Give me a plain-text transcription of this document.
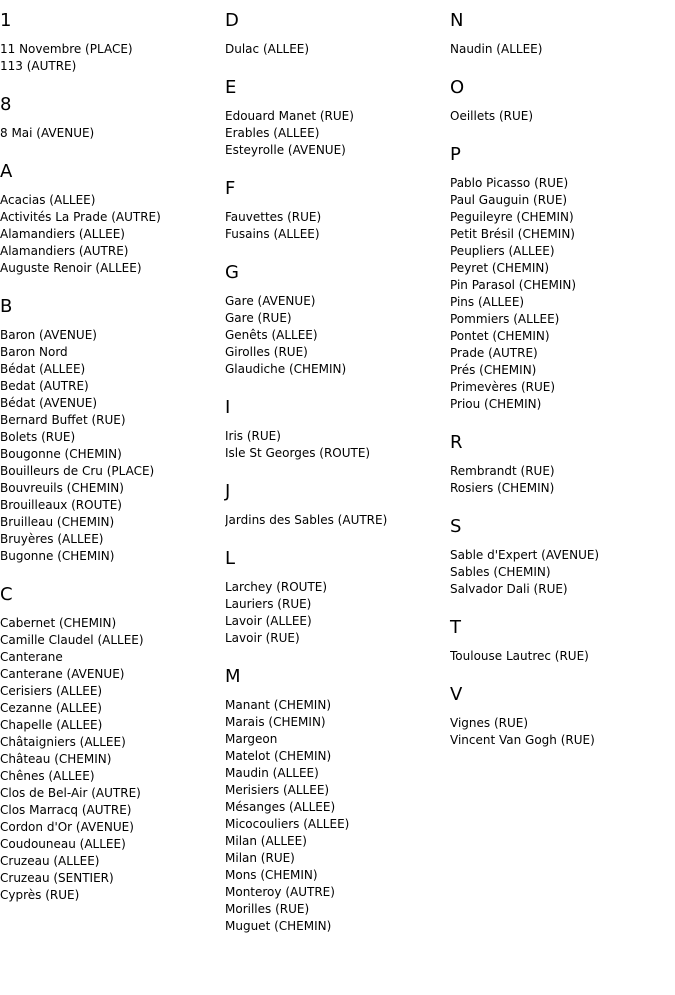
1
11 Novembre (PLACE)
113 (AUTRE)
8
8 Mai (AVENUE)
A
Acacias (ALLEE)
Activités La Prade (AUTRE)
Alamandiers (ALLEE)
Alamandiers (AUTRE)
Auguste Renoir (ALLEE)
B
Baron (AVENUE)
Baron Nord
Bédat (ALLEE)
Bedat (AUTRE)
Bédat (AVENUE)
Bernard Buffet (RUE)
Bolets (RUE)
Bougonne (CHEMIN)
Bouilleurs de Cru (PLACE)
Bouvreuils (CHEMIN)
Brouilleaux (ROUTE)
Bruilleau (CHEMIN)
Bruyères (ALLEE)
Bugonne (CHEMIN)
C
Cabernet (CHEMIN)
Camille Claudel (ALLEE)
Canterane
Canterane (AVENUE)
Cerisiers (ALLEE)
Cezanne (ALLEE)
Chapelle (ALLEE)
Châtaigniers (ALLEE)
Château (CHEMIN)
Chênes (ALLEE)
Clos de Bel-Air (AUTRE)
Clos Marracq (AUTRE)
Cordon d'Or (AVENUE)
Coudouneau (ALLEE)
Cruzeau (ALLEE)
Cruzeau (SENTIER)
Cyprès (RUE)
D
Dulac (ALLEE)
E
Edouard Manet (RUE)
Erables (ALLEE)
Esteyrolle (AVENUE)
F
Fauvettes (RUE)
Fusains (ALLEE)
G
Gare (AVENUE)
Gare (RUE)
Genêts (ALLEE)
Girolles (RUE)
Glaudiche (CHEMIN)
I
Iris (RUE)
Isle St Georges (ROUTE)
J
Jardins des Sables (AUTRE)
L
Larchey (ROUTE)
Lauriers (RUE)
Lavoir (ALLEE)
Lavoir (RUE)
M
Manant (CHEMIN)
Marais (CHEMIN)
Margeon
Matelot (CHEMIN)
Maudin (ALLEE)
Merisiers (ALLEE)
Mésanges (ALLEE)
Micocouliers (ALLEE)
Milan (ALLEE)
Milan (RUE)
Mons (CHEMIN)
Monteroy (AUTRE)
Morilles (RUE)
Muguet (CHEMIN)
N
Naudin (ALLEE)
O
Oeillets (RUE)
P
Pablo Picasso (RUE)
Paul Gauguin (RUE)
Peguileyre (CHEMIN)
Petit Brésil (CHEMIN)
Peupliers (ALLEE)
Peyret (CHEMIN)
Pin Parasol (CHEMIN)
Pins (ALLEE)
Pommiers (ALLEE)
Pontet (CHEMIN)
Prade (AUTRE)
Prés (CHEMIN)
Primevères (RUE)
Priou (CHEMIN)
R
Rembrandt (RUE)
Rosiers (CHEMIN)
S
Sable d'Expert (AVENUE)
Sables (CHEMIN)
Salvador Dali (RUE)
T
Toulouse Lautrec (RUE)
V
Vignes (RUE)
Vincent Van Gogh (RUE)
